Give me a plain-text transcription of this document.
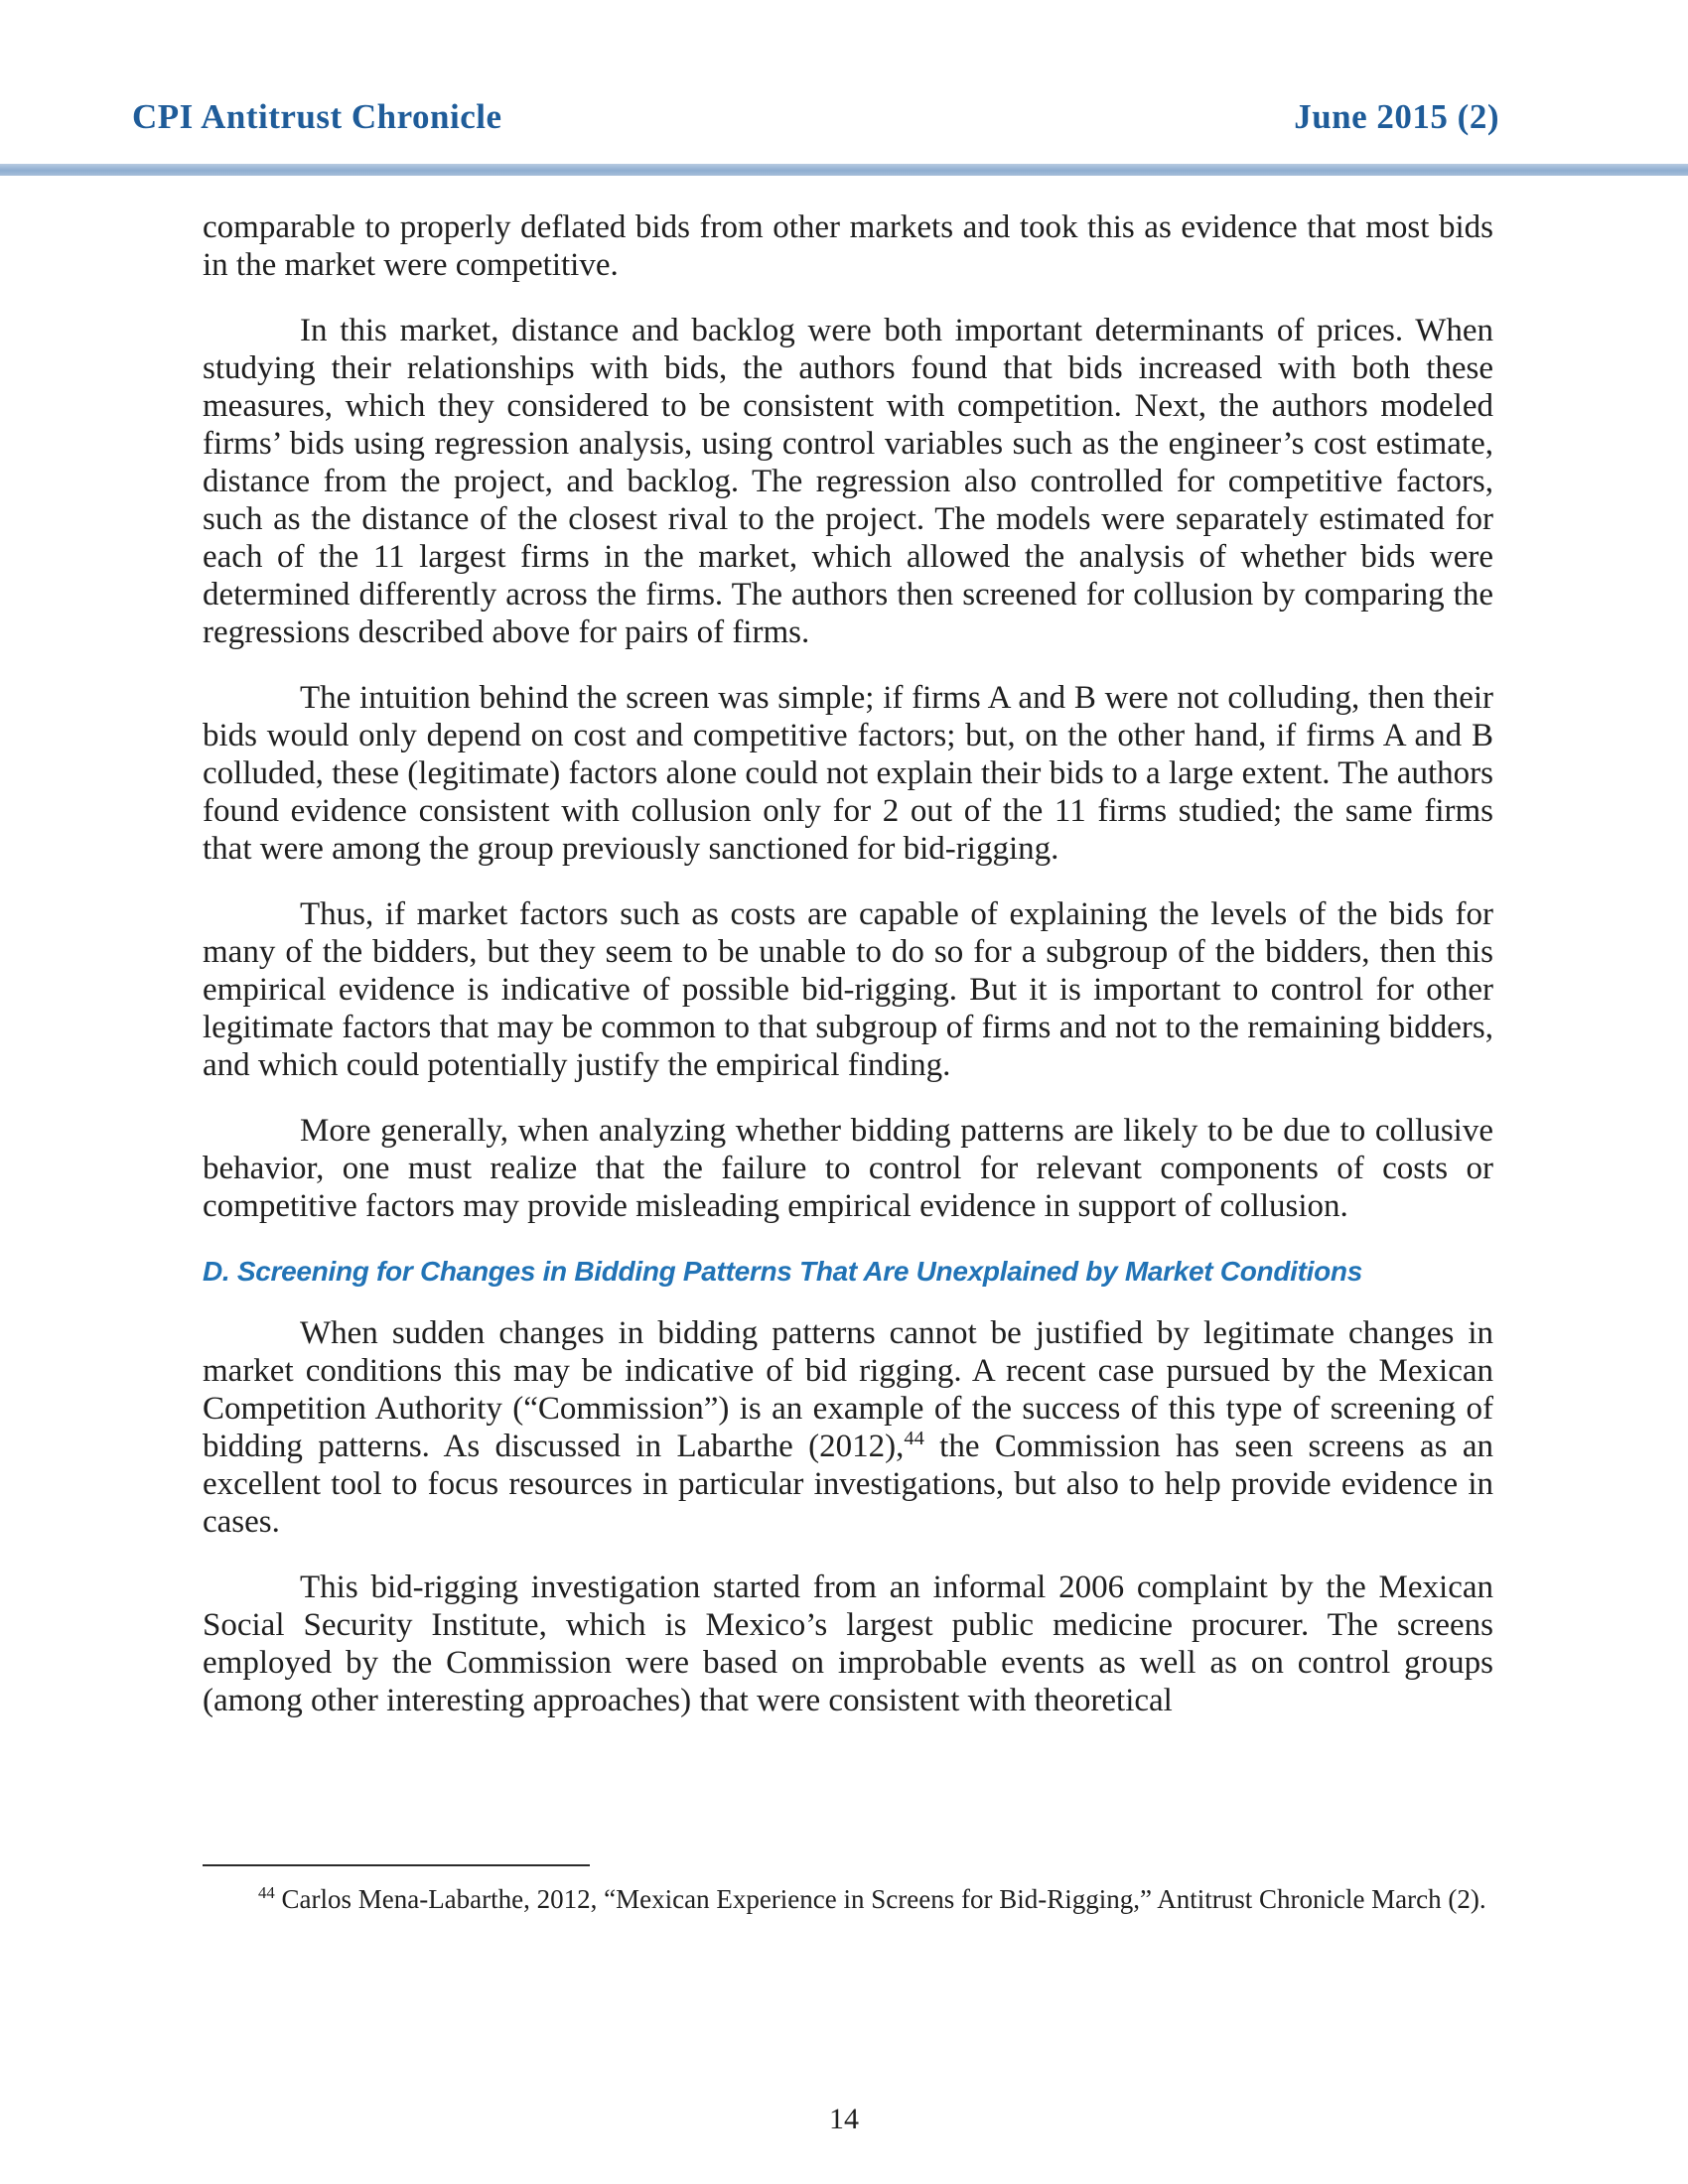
CPI Antitrust Chronicle	June 2015 (2)

comparable to properly deflated bids from other markets and took this as evidence that most bids in the market were competitive.

In this market, distance and backlog were both important determinants of prices. When studying their relationships with bids, the authors found that bids increased with both these measures, which they considered to be consistent with competition. Next, the authors modeled firms’ bids using regression analysis, using control variables such as the engineer’s cost estimate, distance from the project, and backlog. The regression also controlled for competitive factors, such as the distance of the closest rival to the project. The models were separately estimated for each of the 11 largest firms in the market, which allowed the analysis of whether bids were determined differently across the firms. The authors then screened for collusion by comparing the regressions described above for pairs of firms.

The intuition behind the screen was simple; if firms A and B were not colluding, then their bids would only depend on cost and competitive factors; but, on the other hand, if firms A and B colluded, these (legitimate) factors alone could not explain their bids to a large extent. The authors found evidence consistent with collusion only for 2 out of the 11 firms studied; the same firms that were among the group previously sanctioned for bid-rigging.

Thus, if market factors such as costs are capable of explaining the levels of the bids for many of the bidders, but they seem to be unable to do so for a subgroup of the bidders, then this empirical evidence is indicative of possible bid-rigging. But it is important to control for other legitimate factors that may be common to that subgroup of firms and not to the remaining bidders, and which could potentially justify the empirical finding.

More generally, when analyzing whether bidding patterns are likely to be due to collusive behavior, one must realize that the failure to control for relevant components of costs or competitive factors may provide misleading empirical evidence in support of collusion.

D. Screening for Changes in Bidding Patterns That Are Unexplained by Market Conditions

When sudden changes in bidding patterns cannot be justified by legitimate changes in market conditions this may be indicative of bid rigging. A recent case pursued by the Mexican Competition Authority (“Commission”) is an example of the success of this type of screening of bidding patterns. As discussed in Labarthe (2012),$^{44}$ the Commission has seen screens as an excellent tool to focus resources in particular investigations, but also to help provide evidence in cases.

This bid-rigging investigation started from an informal 2006 complaint by the Mexican Social Security Institute, which is Mexico’s largest public medicine procurer. The screens employed by the Commission were based on improbable events as well as on control groups (among other interesting approaches) that were consistent with theoretical

$^{44}$ Carlos Mena-Labarthe, 2012, “Mexican Experience in Screens for Bid-Rigging,” Antitrust Chronicle March (2).

14
